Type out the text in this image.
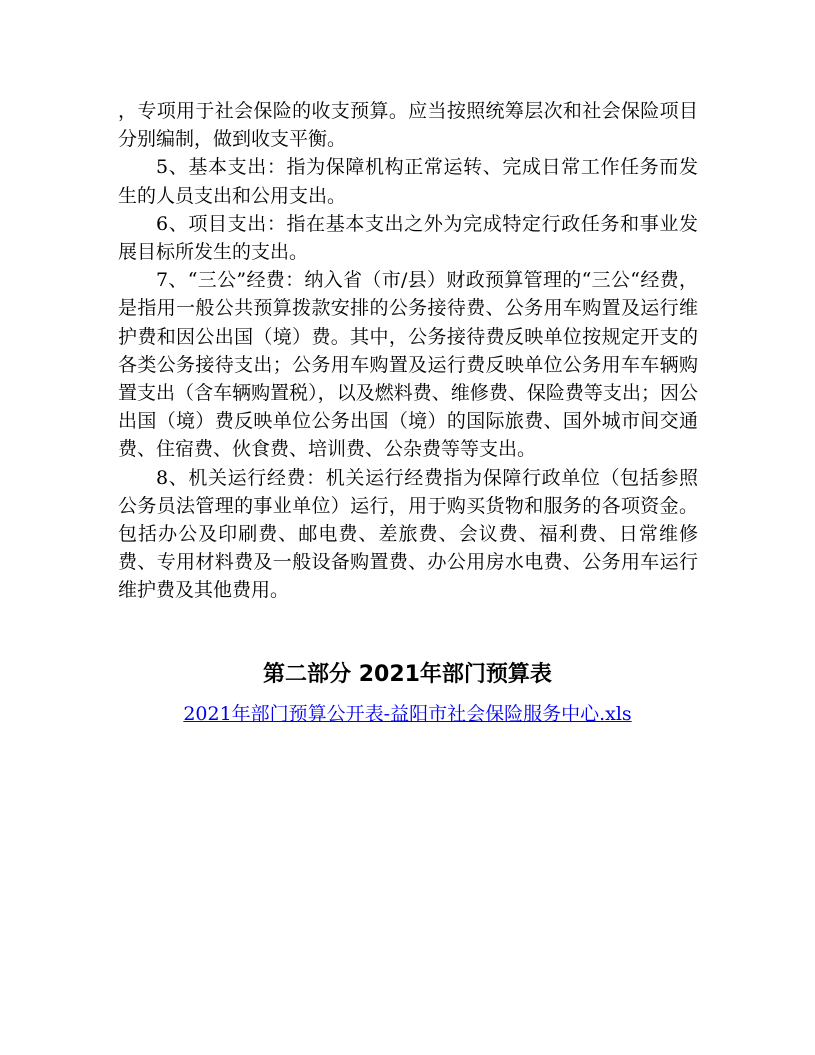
，专项用于社会保险的收支预算。应当按照统筹层次和社会保险项目分别编制，做到收支平衡。

5、基本支出：指为保障机构正常运转、完成日常工作任务而发生的人员支出和公用支出。

6、项目支出：指在基本支出之外为完成特定行政任务和事业发展目标所发生的支出。

7、“三公”经费：纳入省（市/县）财政预算管理的“三公“经费，是指用一般公共预算拨款安排的公务接待费、公务用车购置及运行维护费和因公出国（境）费。其中，公务接待费反映单位按规定开支的各类公务接待支出；公务用车购置及运行费反映单位公务用车车辆购置支出（含车辆购置税），以及燃料费、维修费、保险费等支出；因公出国（境）费反映单位公务出国（境）的国际旅费、国外城市间交通费、住宿费、伙食费、培训费、公杂费等等支出。

8、机关运行经费：机关运行经费指为保障行政单位（包括参照公务员法管理的事业单位）运行，用于购买货物和服务的各项资金。包括办公及印刷费、邮电费、差旅费、会议费、福利费、日常维修费、专用材料费及一般设备购置费、办公用房水电费、公务用车运行维护费及其他费用。

第二部分 2021年部门预算表
2021年部门预算公开表-益阳市社会保险服务中心.xls
